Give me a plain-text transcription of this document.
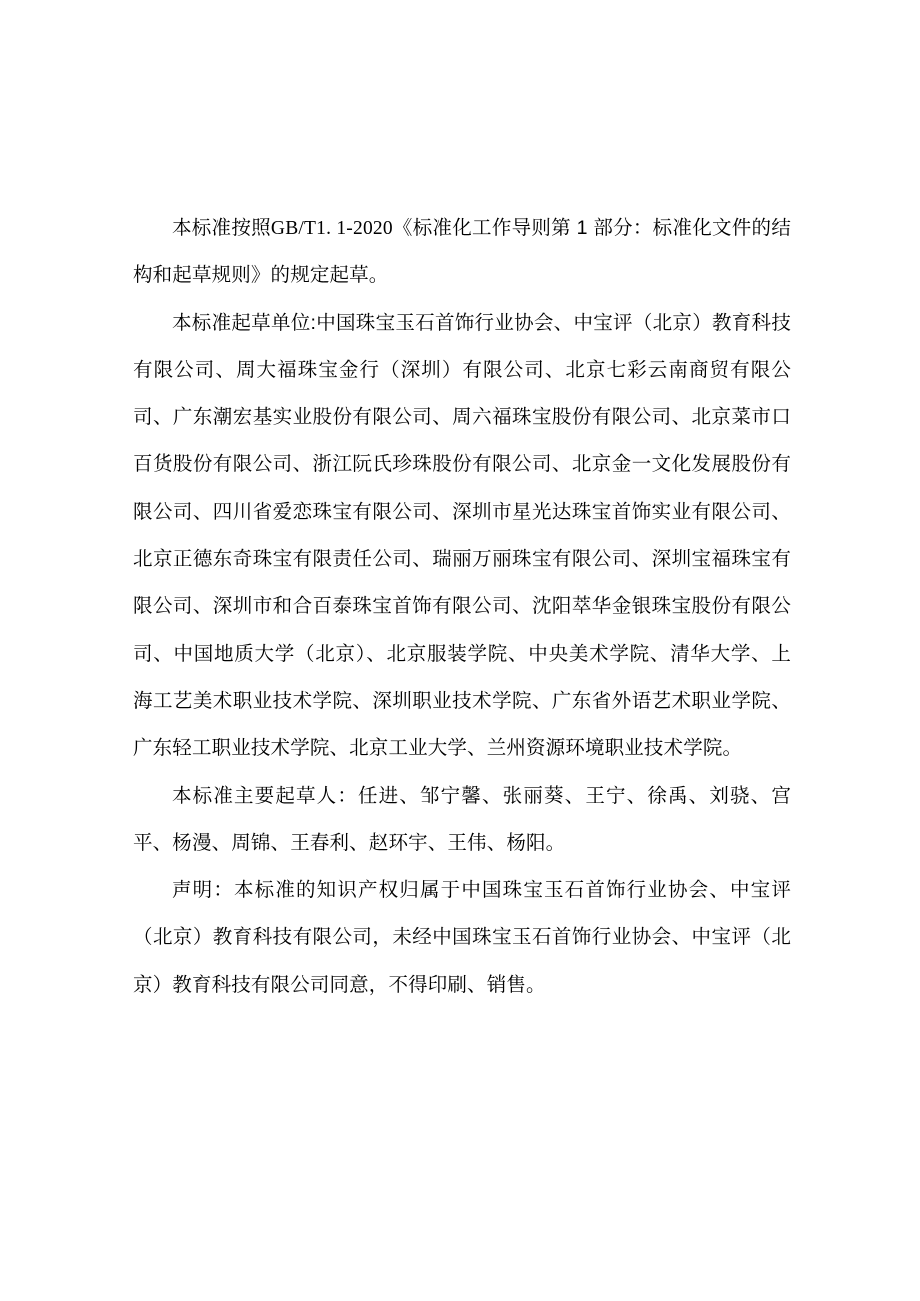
本标准按照GB/T1. 1-2020《标准化工作导则第 1 部分：标准化文件的结构和起草规则》的规定起草。

本标准起草单位:中国珠宝玉石首饰行业协会、中宝评（北京）教育科技有限公司、周大福珠宝金行（深圳）有限公司、北京七彩云南商贸有限公司、广东潮宏基实业股份有限公司、周六福珠宝股份有限公司、北京菜市口百货股份有限公司、浙江阮氏珍珠股份有限公司、北京金一文化发展股份有限公司、四川省爱恋珠宝有限公司、深圳市星光达珠宝首饰实业有限公司、北京正德东奇珠宝有限责任公司、瑞丽万丽珠宝有限公司、深圳宝福珠宝有限公司、深圳市和合百泰珠宝首饰有限公司、沈阳萃华金银珠宝股份有限公司、中国地质大学（北京）、北京服装学院、中央美术学院、清华大学、上海工艺美术职业技术学院、深圳职业技术学院、广东省外语艺术职业学院、广东轻工职业技术学院、北京工业大学、兰州资源环境职业技术学院。

本标准主要起草人：任进、邹宁馨、张丽葵、王宁、徐禹、刘骁、宫平、杨漫、周锦、王春利、赵环宇、王伟、杨阳。

声明：本标准的知识产权归属于中国珠宝玉石首饰行业协会、中宝评（北京）教育科技有限公司，未经中国珠宝玉石首饰行业协会、中宝评（北京）教育科技有限公司同意，不得印刷、销售。
